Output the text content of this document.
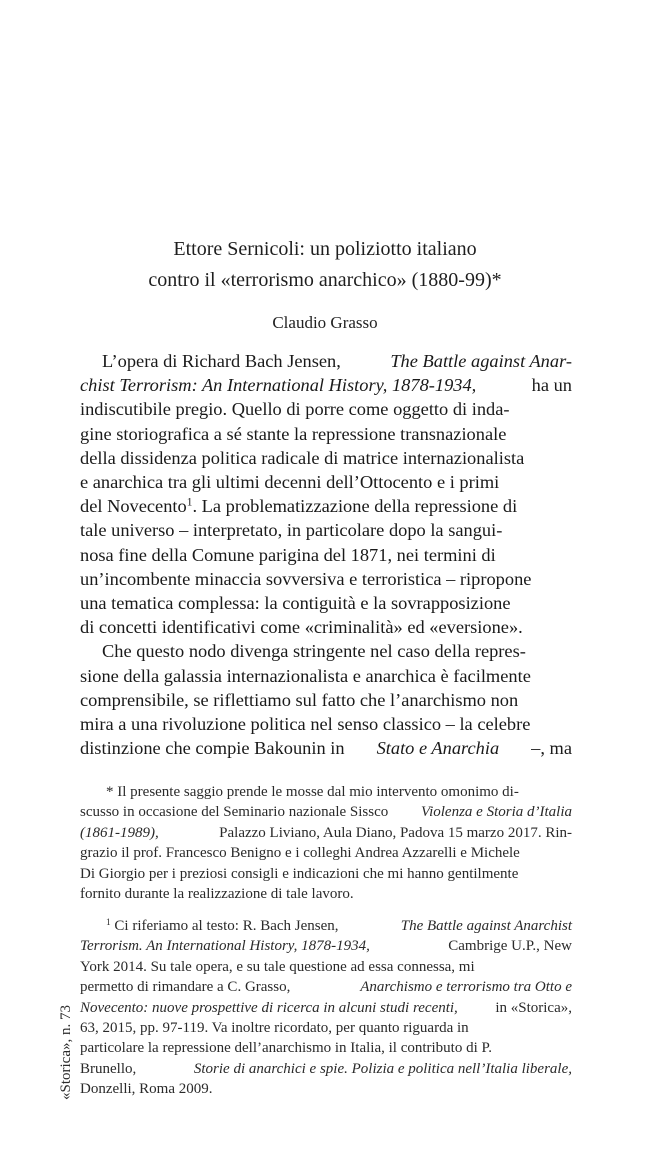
Ettore Sernicoli: un poliziotto italiano
contro il «terrorismo anarchico» (1880-99)*
Claudio Grasso
L’opera di Richard Bach Jensen,	The Battle against Anar-
chist Terrorism: An International History, 1878-1934,	ha un
indiscutibile pregio. Quello di porre come oggetto di inda-
gine storiografica a sé stante la repressione transnazionale
della dissidenza politica radicale di matrice internazionalista
e anarchica tra gli ultimi decenni dell’Ottocento e i primi
del Novecento$^1$. La problematizzazione della repressione di
tale universo – interpretato, in particolare dopo la sangui-
nosa fine della Comune parigina del 1871, nei termini di
un’incombente minaccia sovversiva e terroristica – ripropone
una tematica complessa: la contiguità e la sovrapposizione
di concetti identificativi come «criminalità» ed «eversione».
Che questo nodo divenga stringente nel caso della repres-
sione della galassia internazionalista e anarchica è facilmente
comprensibile, se riflettiamo sul fatto che l’anarchismo non
mira a una rivoluzione politica nel senso classico – la celebre
distinzione che compie Bakounin in Stato e Anarchia –, ma
* Il presente saggio prende le mosse dal mio intervento omonimo di-
scusso in occasione del Seminario nazionale Sissco Violenza e Storia d’Italia
(1861-1989),	Palazzo Liviano, Aula Diano, Padova 15 marzo 2017. Rin-
grazio il prof. Francesco Benigno e i colleghi Andrea Azzarelli e Michele
Di Giorgio per i preziosi consigli e indicazioni che mi hanno gentilmente
fornito durante la realizzazione di tale lavoro.
$^1$ Ci riferiamo al testo: R. Bach Jensen,	The Battle against Anarchist
Terrorism. An International History, 1878-1934,	Cambrige U.P., New
York 2014. Su tale opera, e su tale questione ad essa connessa, mi
permetto di rimandare a C. Grasso,	Anarchismo e terrorismo tra Otto e
Novecento: nuove prospettive di ricerca in alcuni studi recenti,	in «Storica»,
63, 2015, pp. 97-119. Va inoltre ricordato, per quanto riguarda in
particolare la repressione dell’anarchismo in Italia, il contributo di P.
Brunello,	Storie di anarchici e spie. Polizia e politica nell’Italia liberale,
Donzelli, Roma 2009.
«Storica», n. 73
